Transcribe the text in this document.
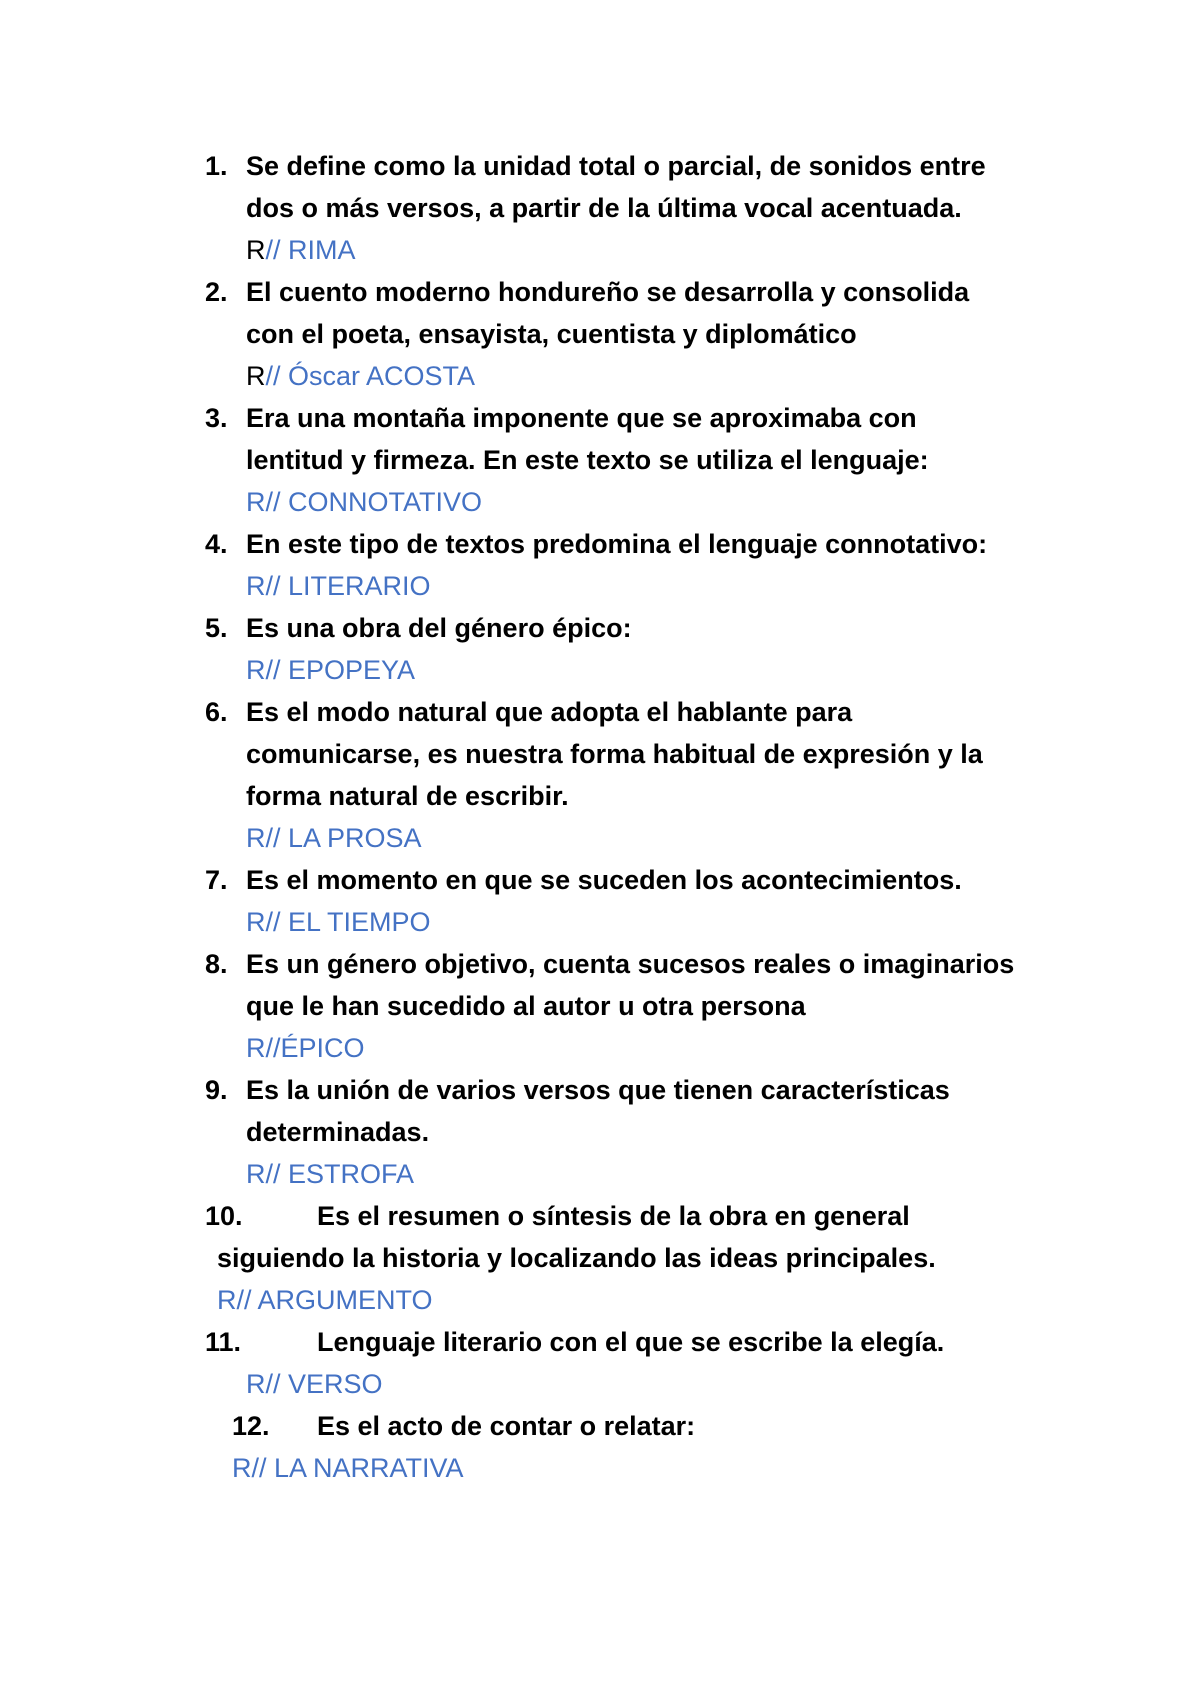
1. Se define como la unidad total o parcial, de sonidos entre
dos o más versos, a partir de la última vocal acentuada.
R// RIMA
2. El cuento moderno hondureño se desarrolla y consolida
con el poeta, ensayista, cuentista y diplomático
R// Óscar ACOSTA
3. Era una montaña imponente que se aproximaba con
lentitud y firmeza. En este texto se utiliza el lenguaje:
R// CONNOTATIVO
4. En este tipo de textos predomina el lenguaje connotativo:
R// LITERARIO
5. Es una obra del género épico:
R// EPOPEYA
6. Es el modo natural que adopta el hablante para
comunicarse, es nuestra forma habitual de expresión y la
forma natural de escribir.
R// LA PROSA
7. Es el momento en que se suceden los acontecimientos.
R// EL TIEMPO
8. Es un género objetivo, cuenta sucesos reales o imaginarios
que le han sucedido al autor u otra persona
R//ÉPICO
9. Es la unión de varios versos que tienen características
determinadas.
R// ESTROFA
10.	Es el resumen o síntesis de la obra en general
siguiendo la historia y localizando las ideas principales.
R// ARGUMENTO
11.	Lenguaje literario con el que se escribe la elegía.
R// VERSO
12. Es el acto de contar o relatar:
R// LA NARRATIVA
